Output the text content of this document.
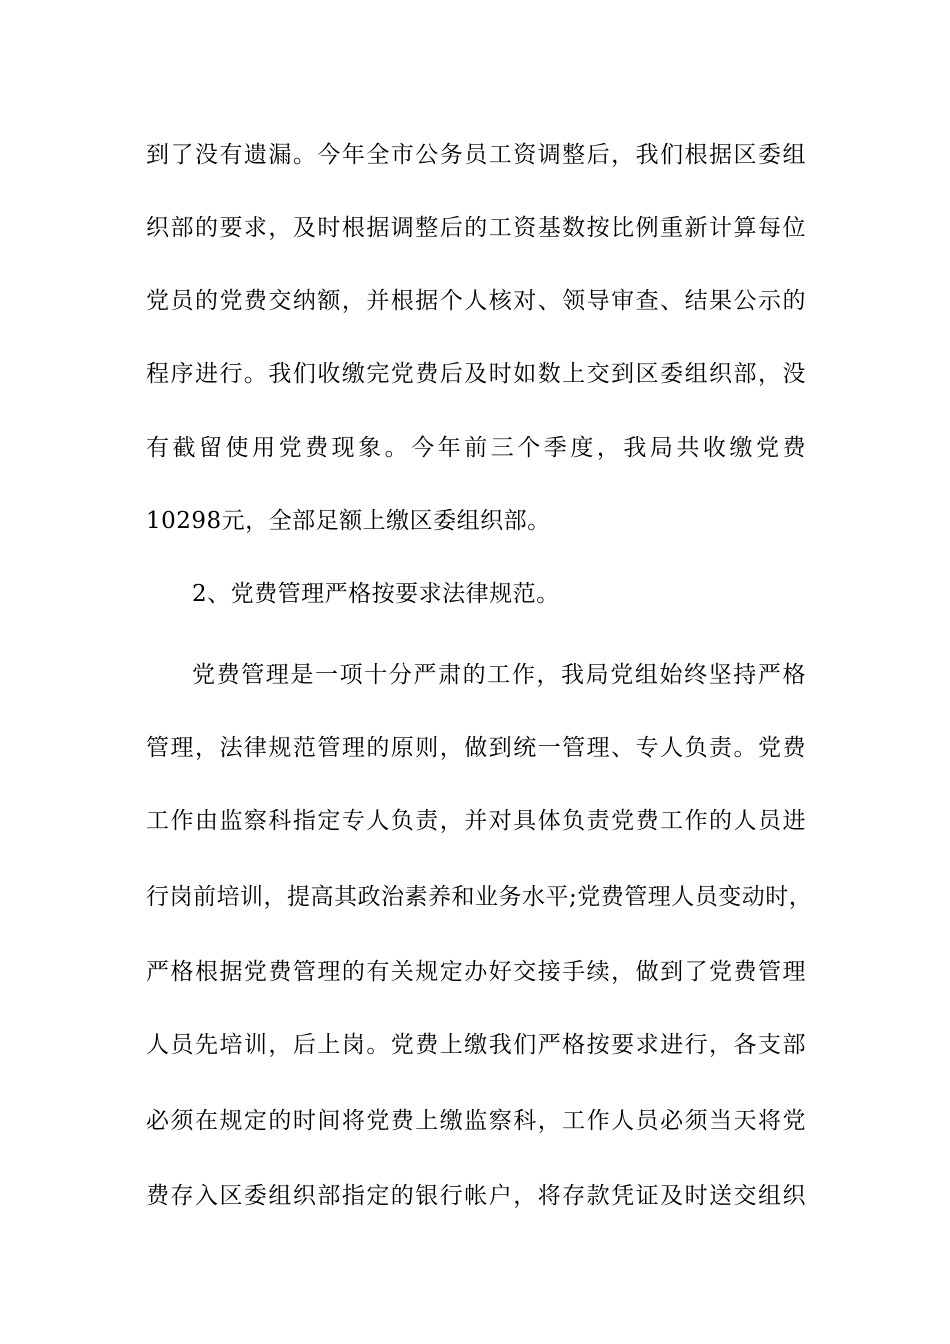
到了没有遗漏。今年全市公务员工资调整后，我们根据区委组
织部的要求，及时根据调整后的工资基数按比例重新计算每位
党员的党费交纳额，并根据个人核对、领导审查、结果公示的
程序进行。我们收缴完党费后及时如数上交到区委组织部，没
有截留使用党费现象。今年前三个季度，我局共收缴党费
10298元，全部足额上缴区委组织部。
2、党费管理严格按要求法律规范。
党费管理是一项十分严肃的工作，我局党组始终坚持严格
管理，法律规范管理的原则，做到统一管理、专人负责。党费
工作由监察科指定专人负责，并对具体负责党费工作的人员进
行岗前培训，提高其政治素养和业务水平;党费管理人员变动时，
严格根据党费管理的有关规定办好交接手续，做到了党费管理
人员先培训，后上岗。党费上缴我们严格按要求进行，各支部
必须在规定的时间将党费上缴监察科，工作人员必须当天将党
费存入区委组织部指定的银行帐户，将存款凭证及时送交组织
